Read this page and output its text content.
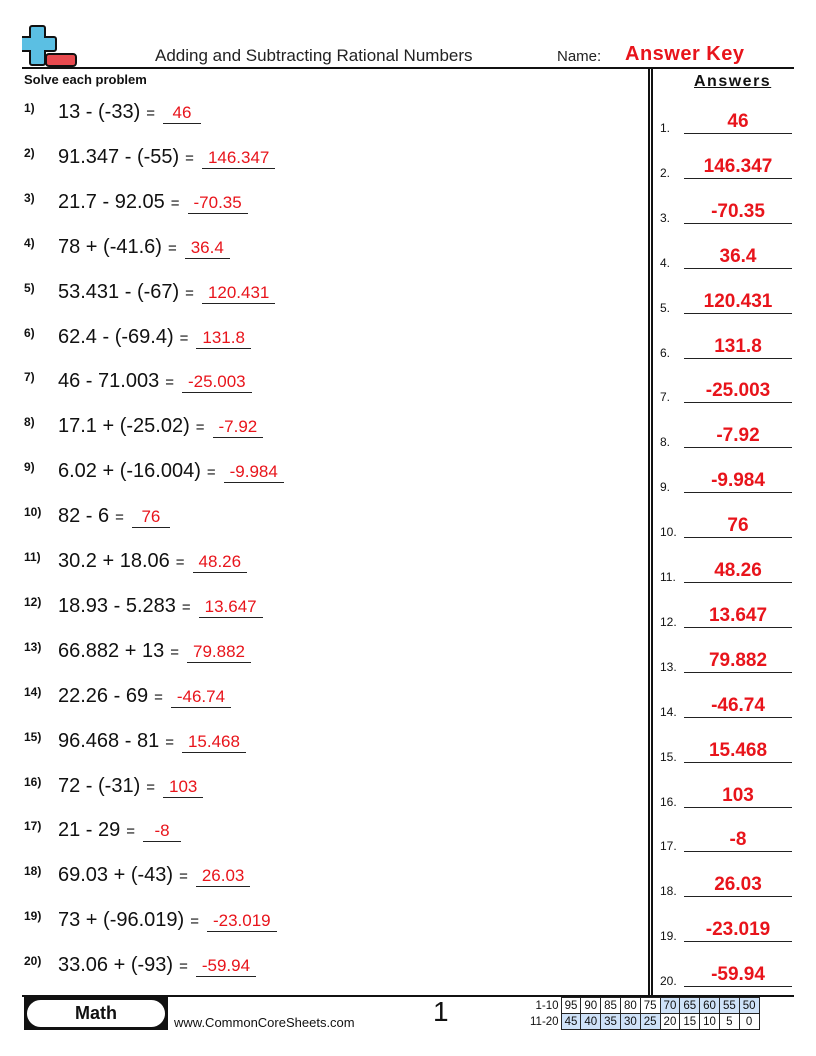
Adding and Subtracting Rational Numbers	Name: Answer Key
Solve each problem	Answers
1) 13 - (-33) = 46
2) 91.347 - (-55) = 146.347
3) 21.7 - 92.05 = -70.35
4) 78 + (-41.6) = 36.4
5) 53.431 - (-67) = 120.431
6) 62.4 - (-69.4) = 131.8
7) 46 - 71.003 = -25.003
8) 17.1 + (-25.02) = -7.92
9) 6.02 + (-16.004) = -9.984
10) 82 - 6 = 76
11) 30.2 + 18.06 = 48.26
12) 18.93 - 5.283 = 13.647
13) 66.882 + 13 = 79.882
14) 22.26 - 69 = -46.74
15) 96.468 - 81 = 15.468
16) 72 - (-31) = 103
17) 21 - 29 = -8
18) 69.03 + (-43) = 26.03
19) 73 + (-96.019) = -23.019
20) 33.06 + (-93) = -59.94
1.	46
2.	146.347
3.	-70.35
4.	36.4
5.	120.431
6.	131.8
7.	-25.003
8.	-7.92
9.	-9.984
10.	76
11.	48.26
12.	13.647
13.	79.882
14.	-46.74
15.	15.468
16.	103
17.	-8
18.	26.03
19.	-23.019
20.	-59.94
Math	www.CommonCoreSheets.com	1	1-10	95	90	85	80	75	70	65	60	55	50
11-20	45	40	35	30	25	20	15	10	5	0
